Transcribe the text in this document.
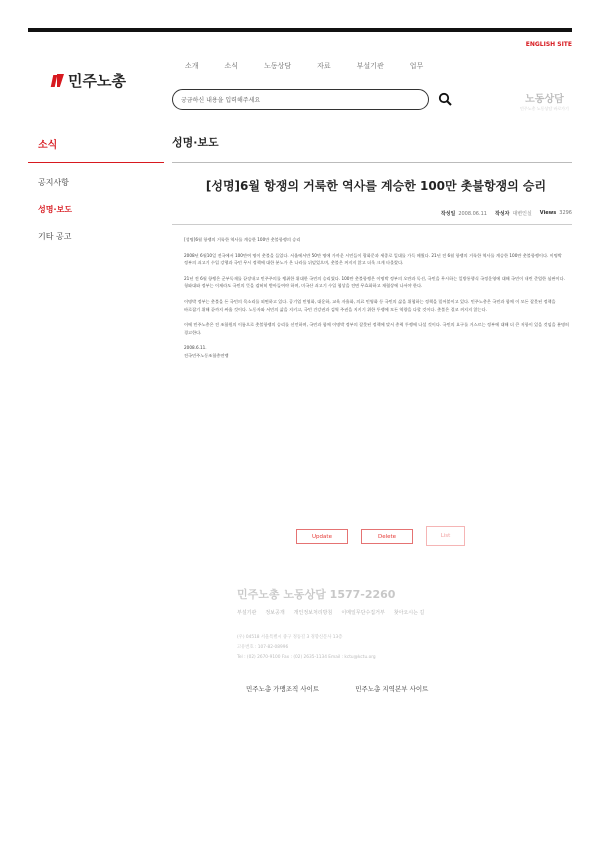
ENGLISH SITE
민주노총
소개	소식	노동상담	자료	부설기관	업무
궁금하신 내용을 입력해주세요	노동상담
민주노총 노동상담 바로가기
소식	성명·보도
공지사항
성명·보도
기타 공고
[성명]6월 항쟁의 거룩한 역사를 계승한 100만 촛불항쟁의 승리
작성일 2008.06.11 작성자 대변인실 Views 3296

[성명]6월 항쟁의 거룩한 역사를 계승한 100만 촛불항쟁의 승리

2008년 6월10일 전국에서 100만여 명이 촛불을 들었다. 서울에서만 50만 명에 가까운 시민들이 광화문과 세종로 일대를 가득 메웠다. 21년 전 6월 항쟁의 거룩한 역사를 계승한 100만 촛불항쟁이다. 이명박 정부의 쇠고기 수입 강행과 국민 무시 정책에 대한 분노가 온 나라를 뒤덮었으며, 촛불은 꺼지지 않고 더욱 크게 타올랐다.

21년 전 6월 항쟁은 군부독재를 끝장내고 민주주의를 쟁취한 위대한 국민의 승리였다. 100만 촛불항쟁은 이명박 정부의 오만과 독선, 국민을 무시하는 일방통행식 국정운영에 대해 국민이 내린 준엄한 심판이다. 청와대와 정부는 이제라도 국민의 뜻을 겸허히 받아들여야 하며, 미국산 쇠고기 수입 협상을 전면 무효화하고 재협상에 나서야 한다.

이명박 정부는 촛불을 든 국민의 목소리를 외면하고 있다. 공기업 민영화, 대운하, 교육 자율화, 의료 민영화 등 국민의 삶을 위협하는 정책을 밀어붙이고 있다. 민주노총은 국민과 함께 이 모든 잘못된 정책을 바로잡기 위해 끝까지 싸울 것이다. 노동자와 서민의 삶을 지키고, 국민 건강권과 검역 주권을 지키기 위한 투쟁에 모든 역량을 다할 것이다. 촛불은 결코 꺼지지 않는다.

이에 민주노총은 전 조합원의 이름으로 촛불항쟁의 승리를 선언하며, 국민과 함께 이명박 정부의 잘못된 정책에 맞서 총력 투쟁에 나설 것이다. 국민의 요구를 거스르는 정부에 대해 더 큰 저항이 있을 것임을 분명히 경고한다.

2008.6.11.

전국민주노동조합총연맹

Update	Delete	List
민주노총 노동상담 1577-2260
부설기관 정보공개 개인정보처리방침 이메일무단수집거부 찾아오시는 길
(우) 04518 서울특별시 중구 정동길 3 경향신문사 13층
고유번호 : 107-82-08996
Tel : (02) 2670-9100 Fax : (02) 2635-1134 Email : kctu@kctu.org
민주노총 가맹조직 사이트	민주노총 지역본부 사이트
